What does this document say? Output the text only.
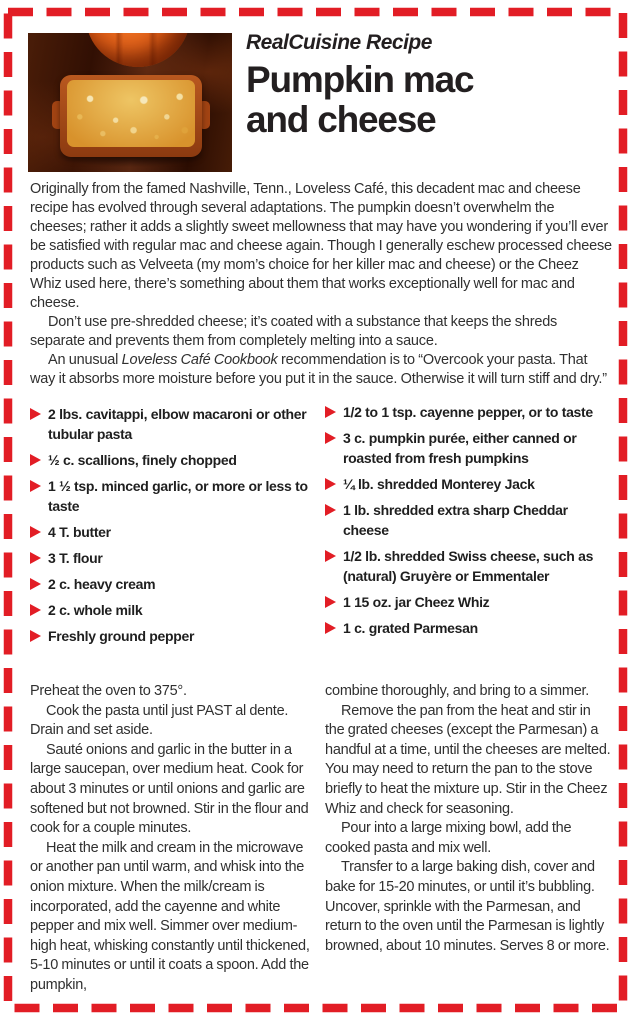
RealCuisine Recipe
Pumpkin mac
and cheese

Originally from the famed Nashville, Tenn., Loveless Café, this decadent mac and cheese recipe has evolved through several adaptations. The pumpkin doesn’t overwhelm the cheeses; rather it adds a slightly sweet mellowness that may have you wondering if you’ll ever be satisfied with regular mac and cheese again. Though I generally eschew processed cheese products such as Velveeta (my mom’s choice for her killer mac and cheese) or the Cheez Whiz used here, there’s something about them that works exceptionally well for mac and cheese.

Don’t use pre-shredded cheese; it’s coated with a substance that keeps the shreds separate and prevents them from completely melting into a sauce.

An unusual Loveless Café Cookbook recommendation is to “Overcook your pasta. That way it absorbs more moisture before you put it in the sauce. Otherwise it will turn stiff and dry.”

2 lbs. cavitappi, elbow macaroni or other tubular pasta
½ c. scallions, finely chopped
1 ½ tsp. minced garlic, or more or less to taste
4 T. butter
3 T. flour
2 c. heavy cream
2 c. whole milk
Freshly ground pepper
1/2 to 1 tsp. cayenne pepper, or to taste
3 c. pumpkin purée, either canned or roasted from fresh pumpkins
¼ lb. shredded Monterey Jack
1 lb. shredded extra sharp Cheddar cheese
1/2 lb. shredded Swiss cheese, such as (natural) Gruyère or Emmentaler
1 15 oz. jar Cheez Whiz
1 c. grated Parmesan

Preheat the oven to 375°.

Cook the pasta until just PAST al dente. Drain and set aside.

Sauté onions and garlic in the butter in a large saucepan, over medium heat. Cook for about 3 minutes or until onions and garlic are softened but not browned. Stir in the flour and cook for a couple minutes.

Heat the milk and cream in the microwave or another pan until warm, and whisk into the onion mixture. When the milk/cream is incorporated, add the cayenne and white pepper and mix well. Simmer over medium-high heat, whisking constantly until thickened, 5-10 minutes or until it coats a spoon. Add the pumpkin,

combine thoroughly, and bring to a simmer.

Remove the pan from the heat and stir in the grated cheeses (except the Parmesan) a handful at a time, until the cheeses are melted. You may need to return the pan to the stove briefly to heat the mixture up. Stir in the Cheez Whiz and check for seasoning.

Pour into a large mixing bowl, add the cooked pasta and mix well.

Transfer to a large baking dish, cover and bake for 15-20 minutes, or until it’s bubbling. Uncover, sprinkle with the Parmesan, and return to the oven until the Parmesan is lightly browned, about 10 minutes. Serves 8 or more.
